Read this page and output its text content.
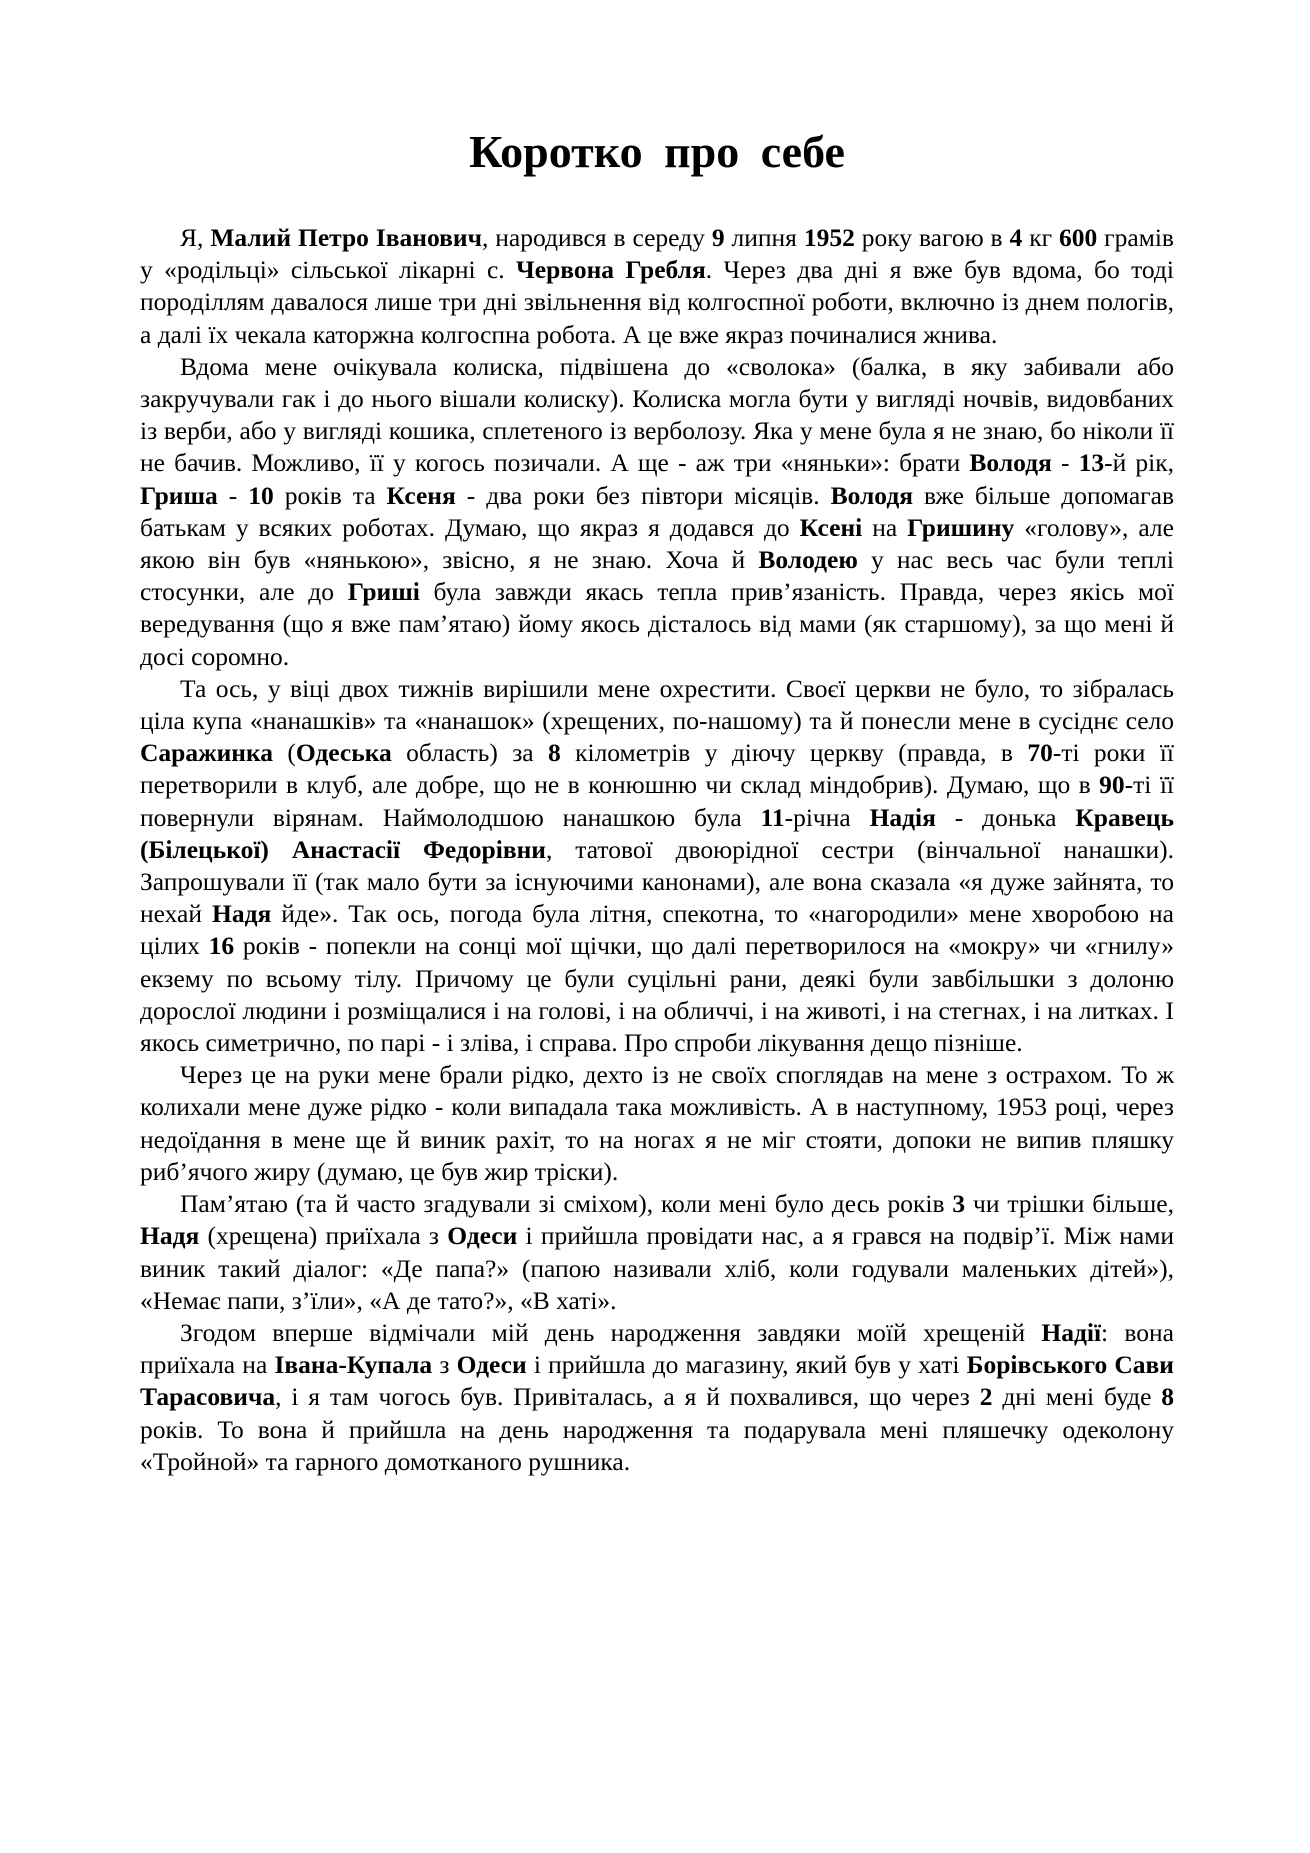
Коротко про себе

Я, Малий Петро Іванович, народився в середу 9 липня 1952 року вагою в 4 кг 600 грамів у «родільці» сільської лікарні с. Червона Гребля. Через два дні я вже був вдома, бо тоді породіллям давалося лише три дні звільнення від колгоспної роботи, включно із днем пологів, а далі їх чекала каторжна колгоспна робота. А це вже якраз починалися жнива.

Вдома мене очікувала колиска, підвішена до «сволока» (балка, в яку забивали або закручували гак і до нього вішали колиску). Колиска могла бути у вигляді ночвів, видовбаних із верби, або у вигляді кошика, сплетеного із верболозу. Яка у мене була я не знаю, бо ніколи її не бачив. Можливо, її у когось позичали. А ще - аж три «няньки»: брати Володя - 13-й рік, Гриша - 10 років та Ксеня - два роки без півтори місяців. Володя вже більше допомагав батькам у всяких роботах. Думаю, що якраз я додався до Ксені на Гришину «голову», але якою він був «нянькою», звісно, я не знаю. Хоча й Володею у нас весь час були теплі стосунки, але до Гриші була завжди якась тепла прив’язаність. Правда, через якісь мої вередування (що я вже пам’ятаю) йому якось дісталось від мами (як старшому), за що мені й досі соромно.

Та ось, у віці двох тижнів вирішили мене охрестити. Своєї церкви не було, то зібралась ціла купа «нанашків» та «нанашок» (хрещених, по-нашому) та й понесли мене в сусіднє село Саражинка (Одеська область) за 8 кілометрів у діючу церкву (правда, в 70-ті роки її перетворили в клуб, але добре, що не в конюшню чи склад міндобрив). Думаю, що в 90-ті її повернули вірянам. Наймолодшою нанашкою була 11-річна Надія - донька Кравець (Білецької) Анастасії Федорівни, татової двоюрідної сестри (вінчальної нанашки). Запрошували її (так мало бути за існуючими канонами), але вона сказала «я дуже зайнята, то нехай Надя йде». Так ось, погода була літня, спекотна, то «нагородили» мене хворобою на цілих 16 років - попекли на сонці мої щічки, що далі перетворилося на «мокру» чи «гнилу» екзему по всьому тілу. Причому це були суцільні рани, деякі були завбільшки з долоню дорослої людини і розміщалися і на голові, і на обличчі, і на животі, і на стегнах, і на литках. І якось симетрично, по парі - і зліва, і справа. Про спроби лікування дещо пізніше.

Через це на руки мене брали рідко, дехто із не своїх споглядав на мене з острахом. То ж колихали мене дуже рідко - коли випадала така можливість. А в наступному, 1953 році, через недоїдання в мене ще й виник рахіт, то на ногах я не міг стояти, допоки не випив пляшку риб’ячого жиру (думаю, це був жир тріски).

Пам’ятаю (та й часто згадували зі сміхом), коли мені було десь років 3 чи трішки більше, Надя (хрещена) приїхала з Одеси і прийшла провідати нас, а я грався на подвір’ї. Між нами виник такий діалог: «Де папа?» (папою називали хліб, коли годували маленьких дітей»), «Немає папи, з’їли», «А де тато?», «В хаті».

Згодом вперше відмічали мій день народження завдяки моїй хрещеній Надії: вона приїхала на Івана-Купала з Одеси і прийшла до магазину, який був у хаті Борівського Сави Тарасовича, і я там чогось був. Привіталась, а я й похвалився, що через 2 дні мені буде 8 років. То вона й прийшла на день народження та подарувала мені пляшечку одеколону «Тройной» та гарного домотканого рушника.
